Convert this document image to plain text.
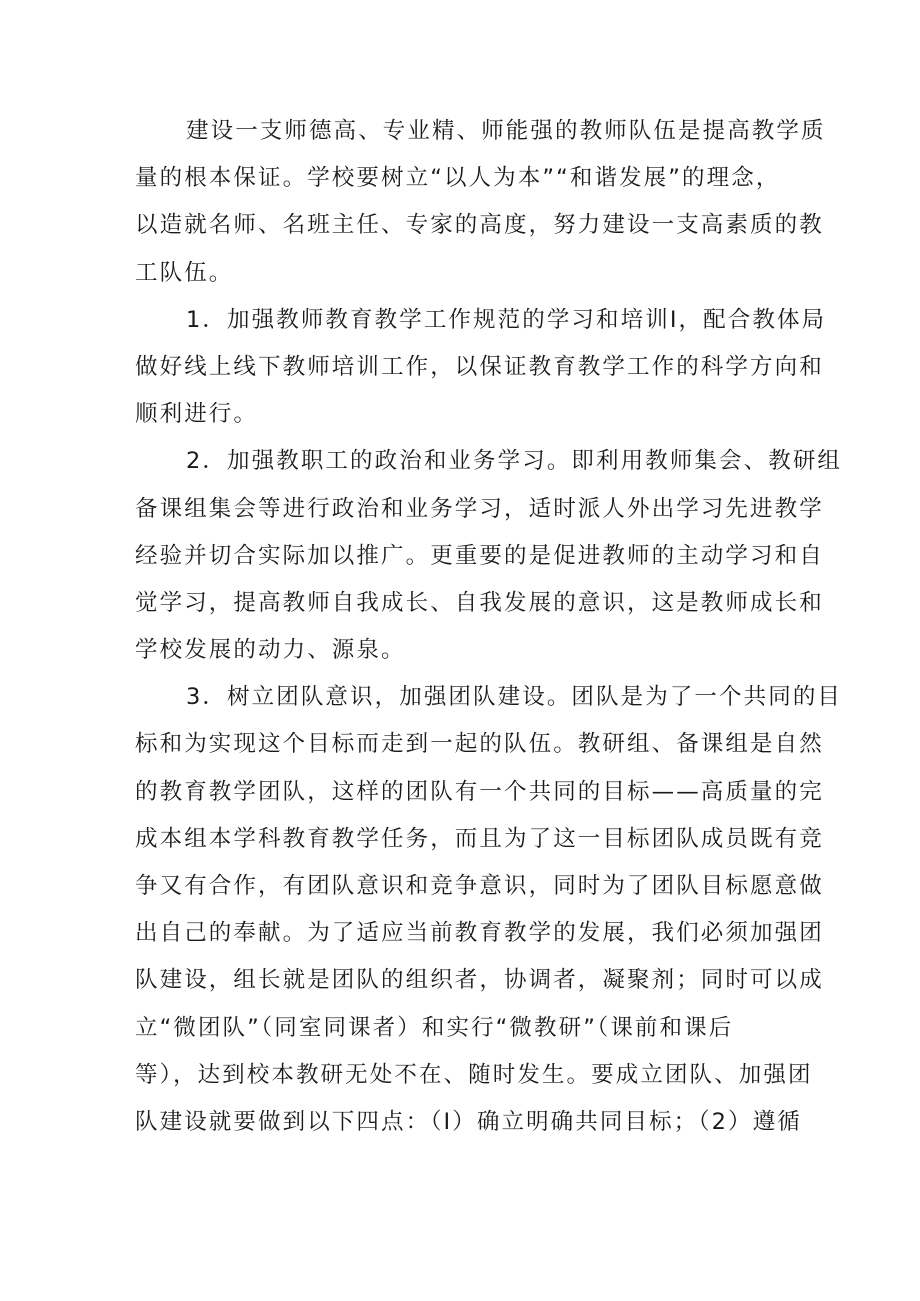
建设一支师德高、专业精、师能强的教师队伍是提高教学质
量的根本保证。学校要树立“以人为本”“和谐发展”的理念，
以造就名师、名班主任、专家的高度，努力建设一支高素质的教
工队伍。
1．加强教师教育教学工作规范的学习和培训I，配合教体局
做好线上线下教师培训工作，以保证教育教学工作的科学方向和
顺利进行。
2．加强教职工的政治和业务学习。即利用教师集会、教研组
备课组集会等进行政治和业务学习，适时派人外出学习先进教学
经验并切合实际加以推广。更重要的是促进教师的主动学习和自
觉学习，提高教师自我成长、自我发展的意识，这是教师成长和
学校发展的动力、源泉。
3．树立团队意识，加强团队建设。团队是为了一个共同的目
标和为实现这个目标而走到一起的队伍。教研组、备课组是自然
的教育教学团队，这样的团队有一个共同的目标——高质量的完
成本组本学科教育教学任务，而且为了这一目标团队成员既有竞
争又有合作，有团队意识和竞争意识，同时为了团队目标愿意做
出自己的奉献。为了适应当前教育教学的发展，我们必须加强团
队建设，组长就是团队的组织者，协调者，凝聚剂；同时可以成
立“微团队”（同室同课者）和实行“微教研”（课前和课后
等），达到校本教研无处不在、随时发生。要成立团队、加强团
队建设就要做到以下四点：（I）确立明确共同目标；（2）遵循
